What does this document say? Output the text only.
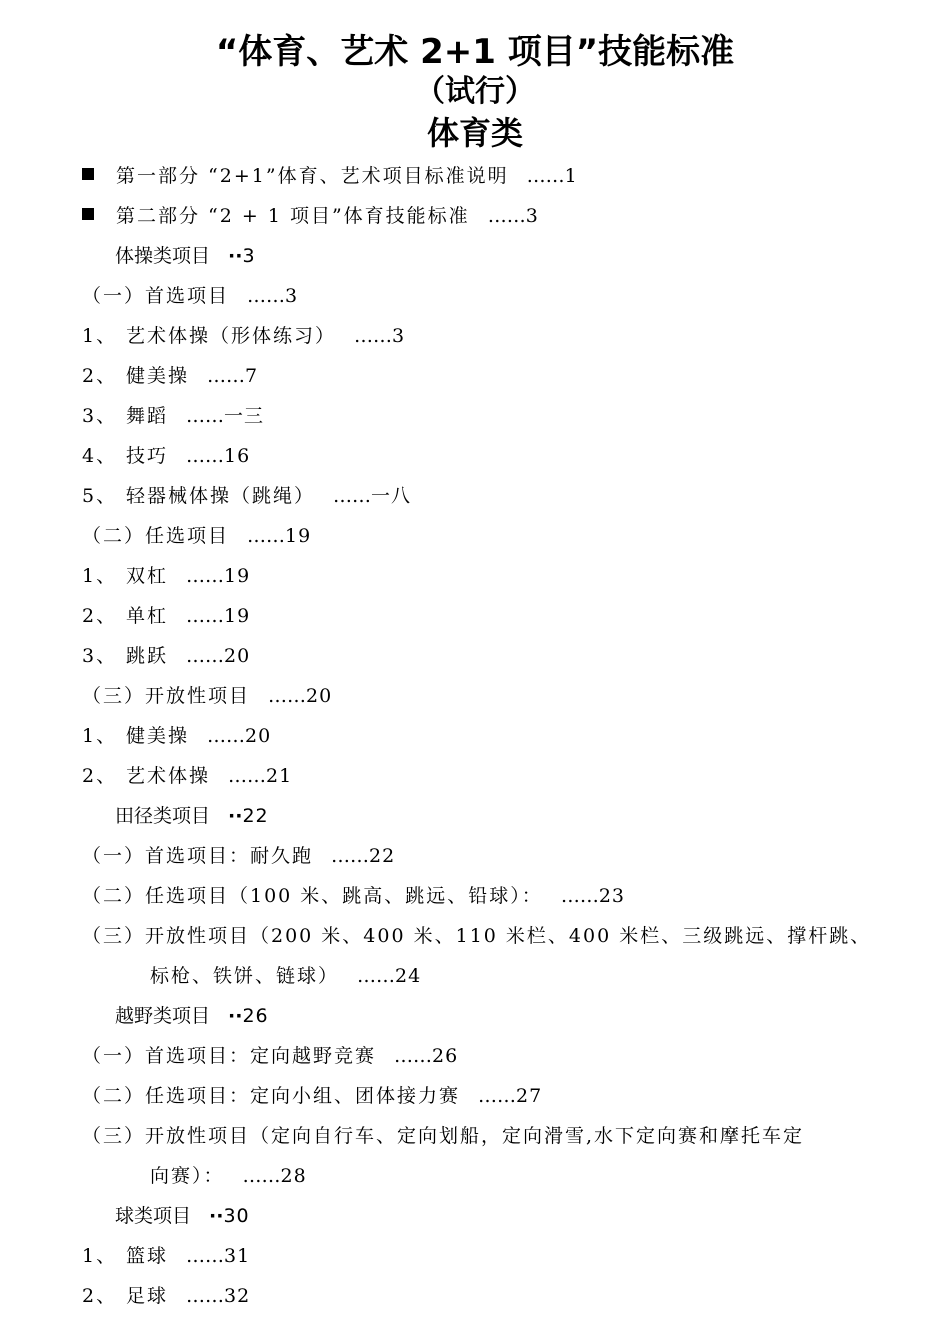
“体育、艺术 2+1 项目”技能标准
（试行）
体育类
第一部分 “2+1”体育、艺术项目标准说明 …… 1
第二部分 “2 + 1 项目”体育技能标准 …… 3
体操类项目 ·· 3
（一）首选项目 …… 3
1、 艺术体操（形体练习） …… 3
2、 健美操 …… 7
3、 舞蹈 …… 一三
4、 技巧 …… 16
5、 轻器械体操（跳绳） …… 一八
（二）任选项目 …… 19
1、 双杠 …… 19
2、 单杠 …… 19
3、 跳跃 …… 20
（三）开放性项目 …… 20
1、 健美操 …… 20
2、 艺术体操 …… 21
田径类项目 ·· 22
（一）首选项目：耐久跑 …… 22
（二）任选项目（100 米、跳高、跳远、铅球）： …… 23
（三）开放性项目（200 米、400 米、110 米栏、400 米栏、三级跳远、撑杆跳、
标枪、铁饼、链球） …… 24
越野类项目 ·· 26
（一）首选项目：定向越野竞赛 …… 26
（二）任选项目：定向小组、团体接力赛 …… 27
（三）开放性项目（定向自行车、定向划船，定向滑雪,水下定向赛和摩托车定
向赛）： …… 28
球类项目 ·· 30
1、 篮球 …… 31
2、 足球 …… 32
